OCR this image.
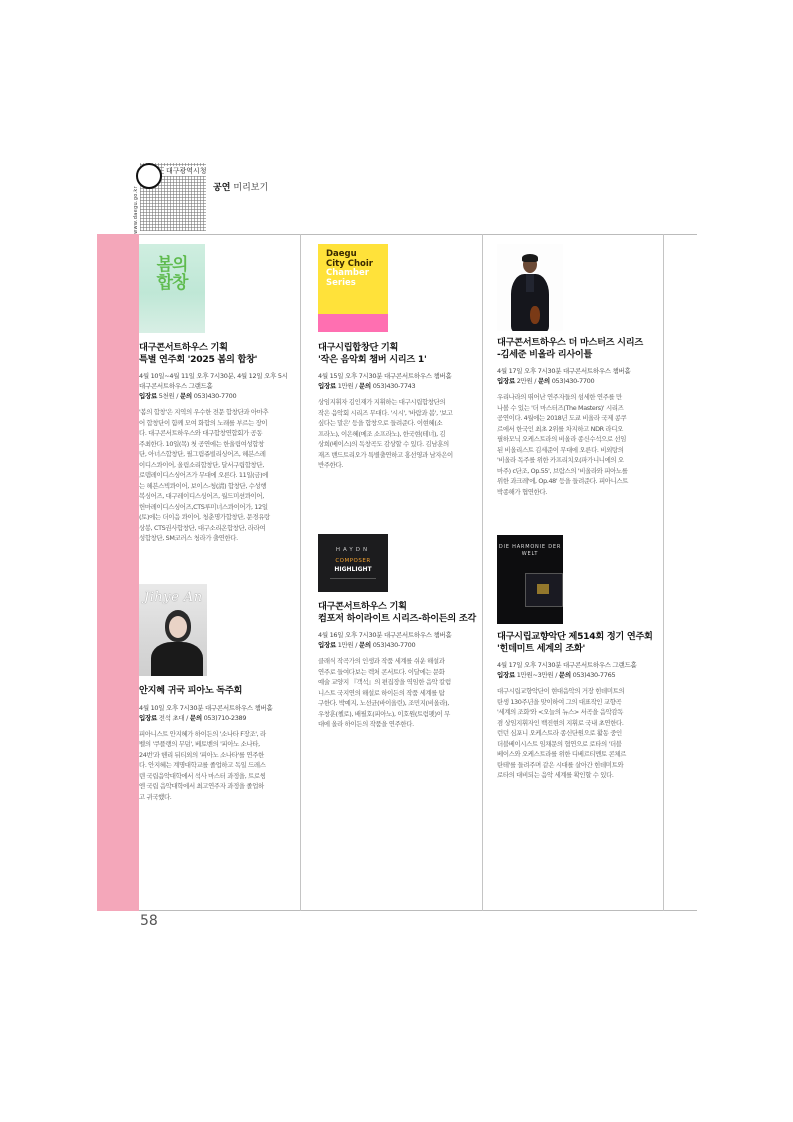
대구광역시청
www.daegu.go.kr	공연 미리보기
봄의 합창
대구콘서트하우스 기획
특별 연주회 '2025 봄의 합창'
4월 10일~4월 11일 오후 7시30분, 4월 12일 오후 5시
대구콘서트하우스 그랜드홀
입장료 5천원 / 문의 053)430-7700
'봄의 합창'은 지역의 우수한 전문 합창단과 아마추
어 합창단이 함께 모여 화합의 노래를 부르는 장이
다. 대구콘서트하우스와 대구합창연합회가 공동
주최한다. 10일(목) 첫 공연에는 한울림여성합창
단, 아너스합창단, 필그림쥬빌리싱어즈, 헤븐스레
이디스콰이어, 올림소리합창단, 달서구립합창단,
로뎀레이디스싱어즈가 무대에 오른다. 11일(금)에
는 헤븐스빅콰이어, 보이스-청(淸) 합창단, 수성행
복싱어즈, 대구레이디스싱어즈, 월드미션콰이어,
헌마레이디스싱어즈,CTS루미너스콰이어가, 12일
(토)에는 더이음 콰이어, 청춘명가합창단, 문경유랑
상봉, CTS권사합창단, 대구소리온합창단, 라라여
성합창단, SM코러스 청라가 출연한다.
Jihye An
안지혜 귀국 피아노 독주회
4월 10일 오후 7시30분 대구콘서트하우스 챔버홀
입장료 전석 초대 / 문의 053)710-2389
피아니스트 안지혜가 하이든의 '소나타 F장조', 라
벨의 '쿠플랭의 무덤', 베토벤의 '피아노 소나타,
24번'과 헨리 뒤티외의 '피아노 소나타'를 연주한
다. 안지혜는 계명대학교를 졸업하고 독일 드레스
덴 국립음악대학에서 석사 마스터 과정을, 트로씽
엔 국립 음악대학에서 최고연주자 과정을 졸업하
고 귀국했다.
Daegu
City Choir
Chamber
Series
대구시립합창단 기획
'작은 음악회 챔버 시리즈 1'
4월 15일 오후 7시30분 대구콘서트하우스 챔버홀
입장료 1만원 / 문의 053)430-7743
상임지휘자 김인재가 지휘하는 대구시립합창단의
작은 음악회 시리즈 무대다. '시시', '바람과 봄', '보고
싶다는 말은' 등을 합창으로 들려준다. 이현혜(소
프라노), 이은혜(메조 소프라노), 한국현(테너), 김
상희(베이스)의 독창곡도 감상할 수 있다. 김남훈의
재즈 밴드트리오가 특별출연하고 홍선영과 남자은이
반주한다.
HAYDN
COMPOSER
HIGHLIGHT
대구콘서트하우스 기획
컴포저 하이라이트 시리즈-하이든의 조각
4월 16일 오후 7시30분 대구콘서트하우스 챔버홀
입장료 1만원 / 문의 053)430-7700
클래식 작곡가의 인생과 작품 세계를 쉬운 해설과
연주로 들여다보는 렉처 콘서트다. 이달에는 문화
예술 교양지 『객석』의 편집장을 역임한 음악 칼럼
니스트 국지연의 해설로 하이든의 작품 세계를 탐
구한다. 박예지, 노선균(바이올린), 조민지(비올라),
우창훈(첼로), 배필호(피아노), 이호원(트럼펫)이 무
대에 올라 하이든의 작품을 연주한다.
대구콘서트하우스 더 마스터즈 시리즈
-김세준 비올라 리사이틀
4월 17일 오후 7시30분 대구콘서트하우스 챔버홀
입장료 2만원 / 문의 053)430-7700
우리나라의 뛰어난 연주자들의 섬세한 연주를 만
나볼 수 있는 '더 마스터즈(The Masters)' 시리즈
공연이다. 4월에는 2018년 도쿄 비올라 국제 콩쿠
르에서 한국인 최초 2위를 차지하고 NDR 라디오
필하모닉 오케스트라의 비올라 종신수석으로 선임
된 비올리스트 김세준이 무대에 오른다. 비외탕의
'비올라 독주를 위한 카프리치오(파가니니에의 오
마주) c단조, Op.55', 브람스의 '비올라와 피아노를
위한 과크레'에, Op.48' 등을 들려준다. 피아니스트
박종해가 협연한다.
DIE HARMONIE DER WELT
대구시립교향악단 제514회 정기 연주회
'힌데미트 세계의 조화'
4월 17일 오후 7시30분 대구콘서트하우스 그랜드홀
입장료 1만원~3만원 / 문의 053)430-7765
대구시립교향악단이 현대음악의 거장 힌데미트의
탄생 130주년을 맞이하여 그의 대표작인 교향곡
'세계의 조화'와 <오늘의 뉴스> 서곡을 음악감독
겸 상임지휘자인 백진현의 지휘로 국내 초연한다.
런던 심포니 오케스트라 종신단원으로 활동 중인
더블베이시스트 임채문의 협연으로 로타의 '더블
베이스와 오케스트라를 위한 디베르티멘토 콘체르
탄테'를 들려주며 같은 시대를 살아간 힌데미트와
로타의 대비되는 음악 세계를 확인할 수 있다.
58
